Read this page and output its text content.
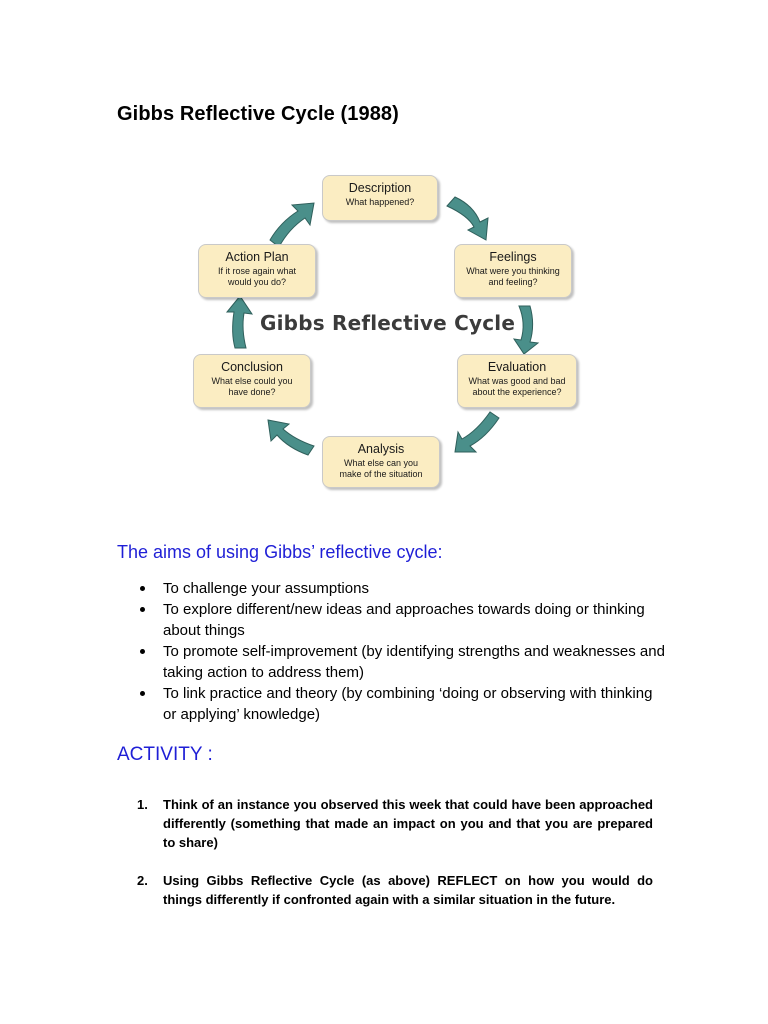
Gibbs Reflective Cycle (1988)
Description
What happened?
Feelings
What were you thinking
and feeling?
Evaluation
What was good and bad
about the experience?
Analysis
What else can you
make of the situation
Conclusion
What else could you
have done?
Action Plan
If it rose again what
would you do?
Gibbs Reflective Cycle
The aims of using Gibbs’ reflective cycle:
To challenge your assumptions
To explore different/new ideas and approaches towards doing or thinking about things
To promote self-improvement (by identifying strengths and weaknesses and taking action to address them)
To link practice and theory (by combining ‘doing or observing with thinking or applying’ knowledge)
ACTIVITY :
1. Think of an instance you observed this week that could have been approached differently (something that made an impact on you and that you are prepared to share)
2. Using Gibbs Reflective Cycle (as above) REFLECT on how you would do things differently if confronted again with a similar situation in the future.
